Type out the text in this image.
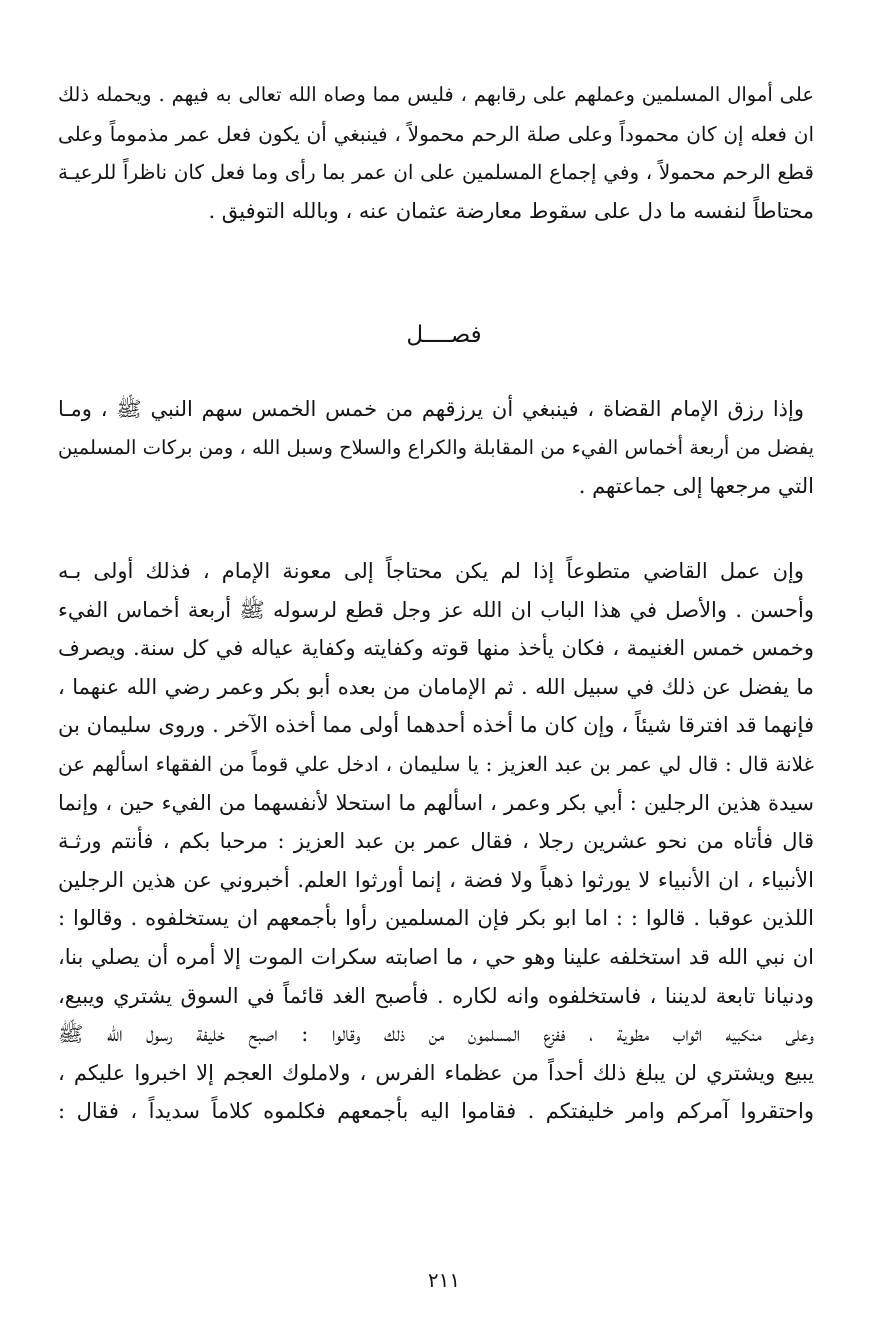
على أموال المسلمين وعملهم على رقابهم ، فليس مما وصاه الله تعالى به فيهم . ويحمله ذلك
ان فعله إن كان محموداً وعلى صلة الرحم محمولاً ، فينبغي أن يكون فعل عمر مذموماً وعلى
قطع الرحم محمولاً ، وفي إجماع المسلمين على ان عمر بما رأى وما فعل كان ناظراً للرعيـة
محتاطاً لنفسه ما دل على سقوط معارضة عثمان عنه ، وبالله التوفيق .
فصــــل
وإذا رزق الإمام القضاة ، فينبغي أن يرزقهم من خمس الخمس سهم النبي ﷺ ، ومـا
يفضل من أربعة أخماس الفيء من المقابلة والكراع والسلاح وسبل الله ، ومن بركات المسلمين
التي مرجعها إلى جماعتهم .
وإن عمل القاضي متطوعاً إذا لم يكن محتاجاً إلى معونة الإمام ، فذلك أولى بـه
وأحسن . والأصل في هذا الباب ان الله عز وجل قطع لرسوله ﷺ أربعة أخماس الفيء
وخمس خمس الغنيمة ، فكان يأخذ منها قوته وكفايته وكفاية عياله في كل سنة. ويصرف
ما يفضل عن ذلك في سبيل الله . ثم الإمامان من بعده أبو بكر وعمر رضي الله عنهما ،
فإنهما قد افترقا شيئاً ، وإن كان ما أخذه أحدهما أولى مما أخذه الآخر . وروى سليمان بن
غلانة قال : قال لي عمر بن عبد العزيز : يا سليمان ، ادخل علي قوماً من الفقهاء اسألهم عن
سيدة هذين الرجلين : أبي بكر وعمر ، اسألهم ما استحلا لأنفسهما من الفيء حين ، وإنما
قال فأتاه من نحو عشرين رجلا ، فقال عمر بن عبد العزيز : مرحبا بكم ، فأنتم ورثـة
الأنبياء ، ان الأنبياء لا يورثوا ذهباً ولا فضة ، إنما أورثوا العلم. أخبروني عن هذين الرجلين
اللذين عوقبا . قالوا : : اما ابو بكر فإن المسلمين رأوا بأجمعهم ان يستخلفوه . وقالوا :
ان نبي الله قد استخلفه علينا وهو حي ، ما اصابته سكرات الموت إلا أمره أن يصلي بنا،
ودنيانا تابعة لديننا ، فاستخلفوه وانه لكاره . فأصبح الغد قائماً في السوق يشتري ويبيع،
وعلى منكبيه اثواب مطوية ، ففزع المسلمون من ذلك وقالوا : اصبح خليفة رسول الله ﷺ
يبيع ويشتري لن يبلغ ذلك أحداً من عظماء الفرس ، ولاملوك العجم إلا اخبروا عليكم ،
واحتقروا آمركم وامر خليفتكم . فقاموا اليه بأجمعهم فكلموه كلاماً سديداً ، فقال :
٢١١
